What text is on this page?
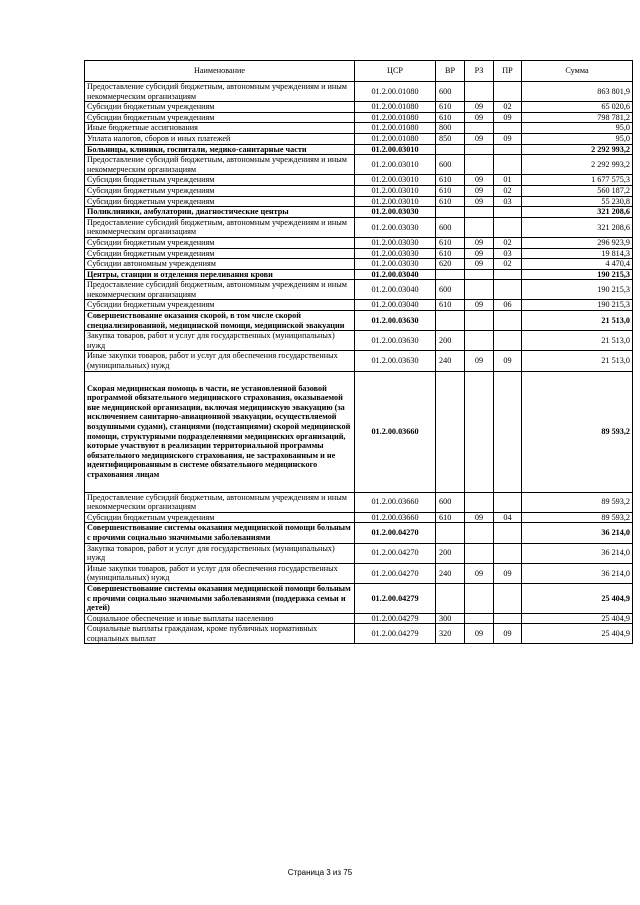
Наименование	ЦСР	ВР	РЗ	ПР	Сумма
Предоставление субсидий бюджетным, автономным учреждениям и иным некоммерческим организациям	01.2.00.01080	600			863 801,9
Субсидии бюджетным учреждениям	01.2.00.01080	610	09	02	65 020,6
Субсидии бюджетным учреждениям	01.2.00.01080	610	09	09	798 781,2
Иные бюджетные ассигнования	01.2.00.01080	800			95,0
Уплата налогов, сборов и иных платежей	01.2.00.01080	850	09	09	95,0
Больницы, клиники, госпитали, медико-санитарные части	01.2.00.03010				2 292 993,2
Предоставление субсидий бюджетным, автономным учреждениям и иным некоммерческим организациям	01.2.00.03010	600			2 292 993,2
Субсидии бюджетным учреждениям	01.2.00.03010	610	09	01	1 677 575,3
Субсидии бюджетным учреждениям	01.2.00.03010	610	09	02	560 187,2
Субсидии бюджетным учреждениям	01.2.00.03010	610	09	03	55 230,8
Поликлиники, амбулатории, диагностические центры	01.2.00.03030				321 208,6
Предоставление субсидий бюджетным, автономным учреждениям и иным некоммерческим организациям	01.2.00.03030	600			321 208,6
Субсидии бюджетным учреждениям	01.2.00.03030	610	09	02	296 923,9
Субсидии бюджетным учреждениям	01.2.00.03030	610	09	03	19 814,3
Субсидии автономным учреждениям	01.2.00.03030	620	09	02	4 470,4
Центры, станции и отделения переливания крови	01.2.00.03040				190 215,3
Предоставление субсидий бюджетным, автономным учреждениям и иным некоммерческим организациям	01.2.00.03040	600			190 215,3
Субсидии бюджетным учреждениям	01.2.00.03040	610	09	06	190 215,3
Совершенствование оказания скорой, в том числе скорой специализированной, медицинской помощи, медицинской эвакуации	01.2.00.03630				21 513,0
Закупка товаров, работ и услуг для государственных (муниципальных) нужд	01.2.00.03630	200			21 513,0
Иные закупки товаров, работ и услуг для обеспечения государственных (муниципальных) нужд	01.2.00.03630	240	09	09	21 513,0
Скорая медицинская помощь в части, не установленной базовой программой обязательного медицинского страхования, оказываемой вне медицинской организации, включая медицинскую эвакуацию (за исключением санитарно-авиационной эвакуации, осуществляемой воздушными судами), станциями (подстанциями) скорой медицинской помощи, структурными подразделениями медицинских организаций, которые участвуют в реализации территориальной программы обязательного медицинского страхования, не застрахованным и не идентифицированным в системе обязательного медицинского страхования лицам	01.2.00.03660				89 593,2
Предоставление субсидий бюджетным, автономным учреждениям и иным некоммерческим организациям	01.2.00.03660	600			89 593,2
Субсидии бюджетным учреждениям	01.2.00.03660	610	09	04	89 593,2
Совершенствование системы оказания медицинской помощи больным с прочими социально значимыми заболеваниями	01.2.00.04270				36 214,0
Закупка товаров, работ и услуг для государственных (муниципальных) нужд	01.2.00.04270	200			36 214,0
Иные закупки товаров, работ и услуг для обеспечения государственных (муниципальных) нужд	01.2.00.04270	240	09	09	36 214,0
Совершенствование системы оказания медицинской помощи больным с прочими социально значимыми заболеваниями (поддержка семьи и детей)	01.2.00.04279				25 404,9
Социальное обеспечение и иные выплаты населению	01.2.00.04279	300			25 404,9
Социальные выплаты гражданам, кроме публичных нормативных социальных выплат	01.2.00.04279	320	09	09	25 404,9
Страница 3 из 75
